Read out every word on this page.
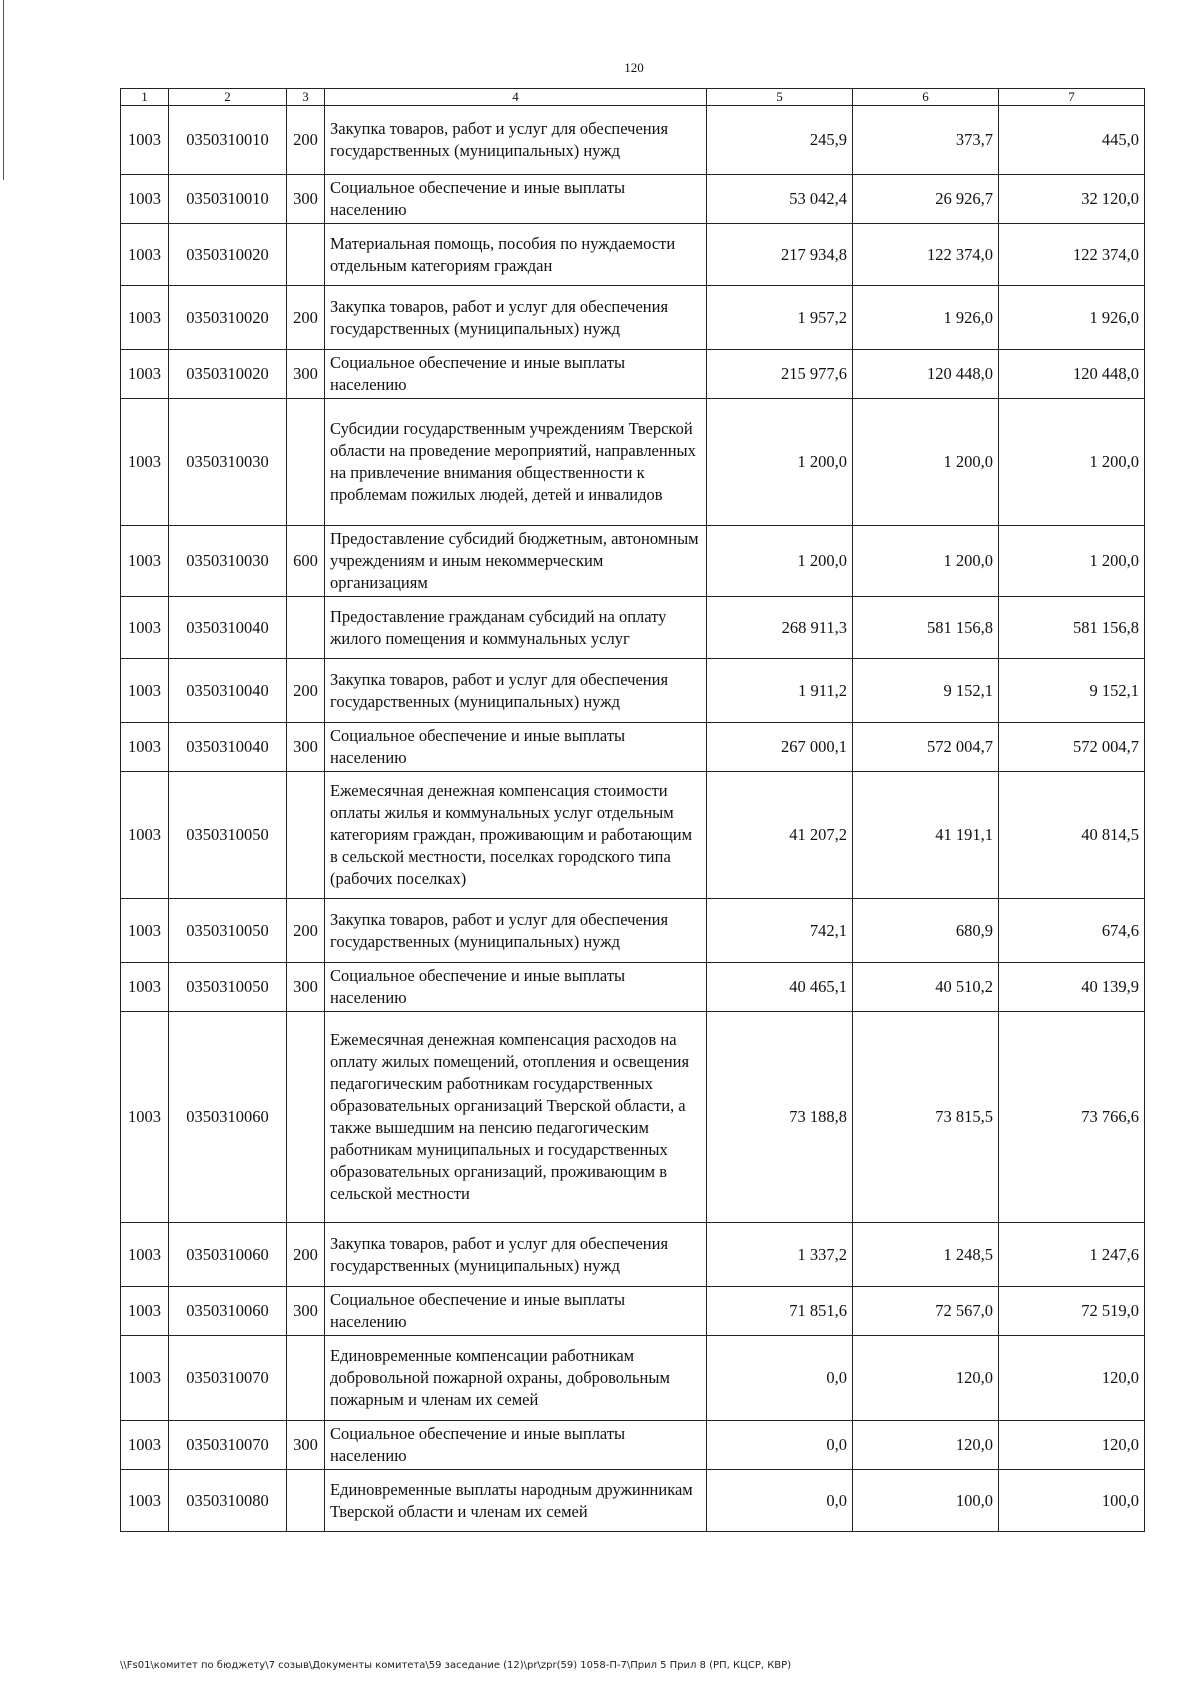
120
1	2	3	4	5	6	7
1003	0350310010	200	Закупка товаров, работ и услуг для обеспечения государственных (муниципальных) нужд	245,9	373,7	445,0
1003	0350310010	300	Социальное обеспечение и иные выплаты населению	53 042,4	26 926,7	32 120,0
1003	0350310020		Материальная помощь, пособия по нуждаемости отдельным категориям граждан	217 934,8	122 374,0	122 374,0
1003	0350310020	200	Закупка товаров, работ и услуг для обеспечения государственных (муниципальных) нужд	1 957,2	1 926,0	1 926,0
1003	0350310020	300	Социальное обеспечение и иные выплаты населению	215 977,6	120 448,0	120 448,0
1003	0350310030		Субсидии государственным учреждениям Тверской области на проведение мероприятий, направленных на привлечение внимания общественности к проблемам пожилых людей, детей и инвалидов	1 200,0	1 200,0	1 200,0
1003	0350310030	600	Предоставление субсидий бюджетным, автономным учреждениям и иным некоммерческим организациям	1 200,0	1 200,0	1 200,0
1003	0350310040		Предоставление гражданам субсидий на оплату жилого помещения и коммунальных услуг	268 911,3	581 156,8	581 156,8
1003	0350310040	200	Закупка товаров, работ и услуг для обеспечения государственных (муниципальных) нужд	1 911,2	9 152,1	9 152,1
1003	0350310040	300	Социальное обеспечение и иные выплаты населению	267 000,1	572 004,7	572 004,7
1003	0350310050		Ежемесячная денежная компенсация стоимости оплаты жилья и коммунальных услуг отдельным категориям граждан, проживающим и работающим в сельской местности, поселках городского типа (рабочих поселках)	41 207,2	41 191,1	40 814,5
1003	0350310050	200	Закупка товаров, работ и услуг для обеспечения государственных (муниципальных) нужд	742,1	680,9	674,6
1003	0350310050	300	Социальное обеспечение и иные выплаты населению	40 465,1	40 510,2	40 139,9
1003	0350310060		Ежемесячная денежная компенсация расходов на оплату жилых помещений, отопления и освещения педагогическим работникам государственных образовательных организаций Тверской области, а также вышедшим на пенсию педагогическим работникам муниципальных и государственных образовательных организаций, проживающим в сельской местности	73 188,8	73 815,5	73 766,6
1003	0350310060	200	Закупка товаров, работ и услуг для обеспечения государственных (муниципальных) нужд	1 337,2	1 248,5	1 247,6
1003	0350310060	300	Социальное обеспечение и иные выплаты населению	71 851,6	72 567,0	72 519,0
1003	0350310070		Единовременные компенсации работникам добровольной пожарной охраны, добровольным пожарным и членам их семей	0,0	120,0	120,0
1003	0350310070	300	Социальное обеспечение и иные выплаты населению	0,0	120,0	120,0
1003	0350310080		Единовременные выплаты народным дружинникам Тверской области и членам их семей	0,0	100,0	100,0
\\Fs01\комитет по бюджету\7 созыв\Документы комитета\59 заседание (12)\pr\zpr(59) 1058-П-7\Прил 5 Прил 8 (РП, КЦСР, КВР)
